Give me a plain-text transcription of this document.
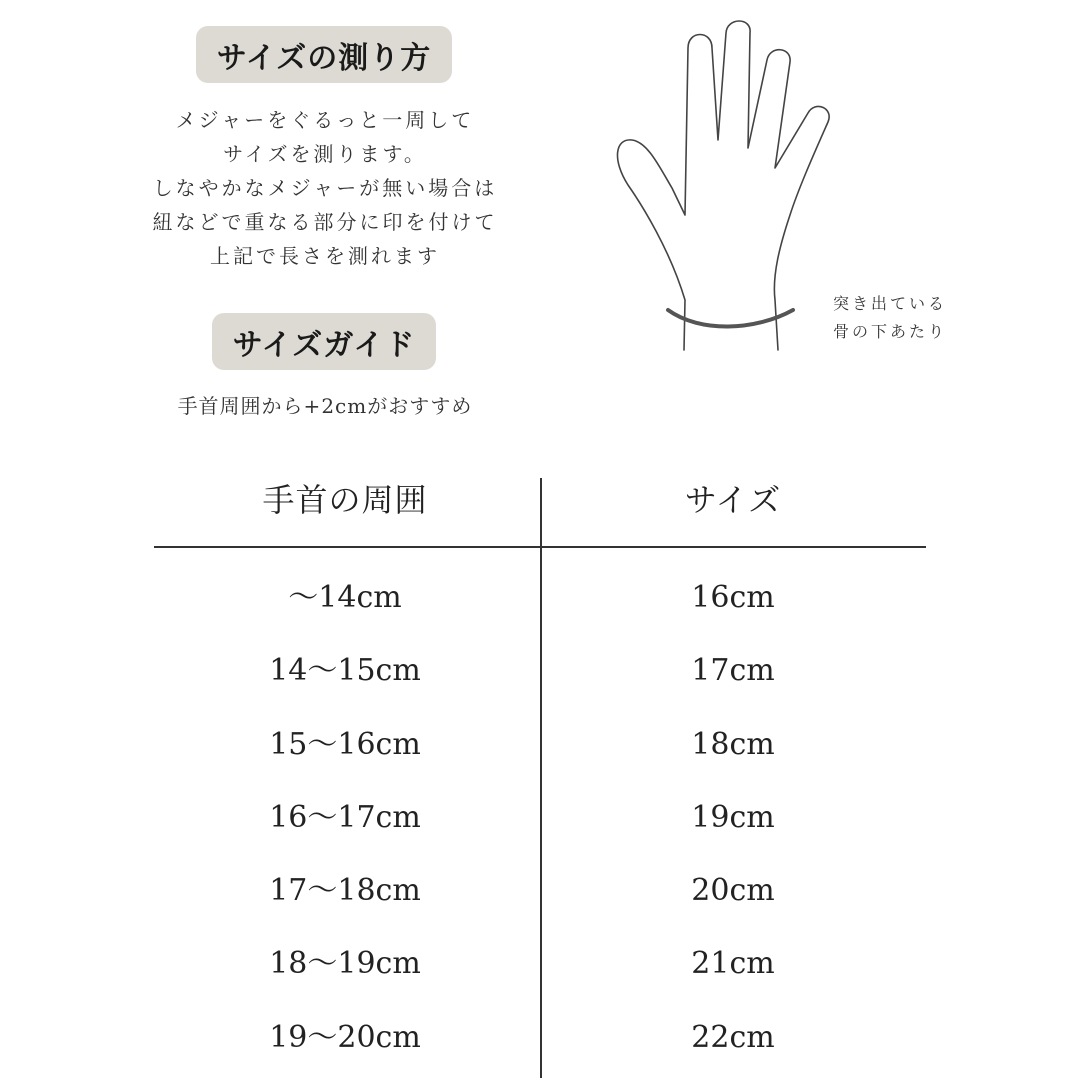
サイズの測り方
メジャーをぐるっと一周して
サイズを測ります。
しなやかなメジャーが無い場合は
紐などで重なる部分に印を付けて
上記で長さを測れます
サイズガイド
手首周囲から+2cmがおすすめ
突き出ている
骨の下あたり
手首の周囲	サイズ
〜14cm	16cm
14〜15cm	17cm
15〜16cm	18cm
16〜17cm	19cm
17〜18cm	20cm
18〜19cm	21cm
19〜20cm	22cm
